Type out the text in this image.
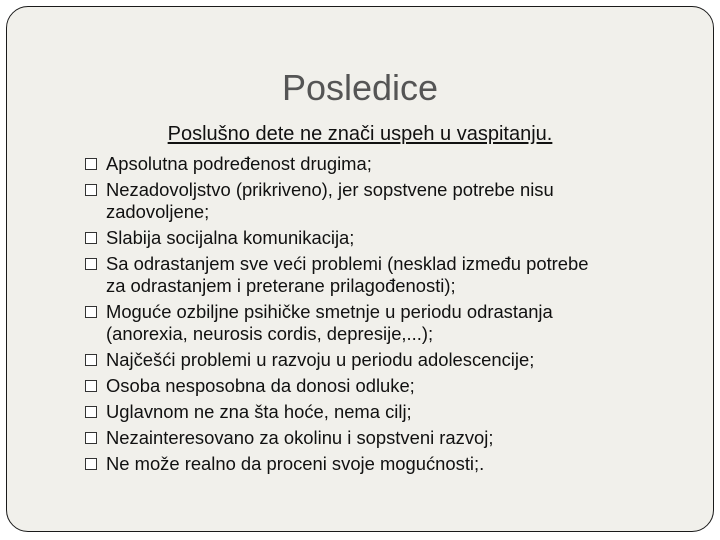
Posledice
Poslušno dete ne znači uspeh u vaspitanju.
Apsolutna podređenost drugima;
Nezadovoljstvo (prikriveno), jer sopstvene potrebe nisu
zadovoljene;
Slabija socijalna komunikacija;
Sa odrastanjem sve veći problemi (nesklad između potrebe
za odrastanjem i preterane prilagođenosti);
Moguće ozbiljne psihičke smetnje u periodu odrastanja
(anorexia, neurosis cordis, depresije,...);
Najčešći problemi u razvoju u periodu adolescencije;
Osoba nesposobna da donosi odluke;
Uglavnom ne zna šta hoće, nema cilj;
Nezainteresovano za okolinu i sopstveni razvoj;
Ne može realno da proceni svoje mogućnosti;.
